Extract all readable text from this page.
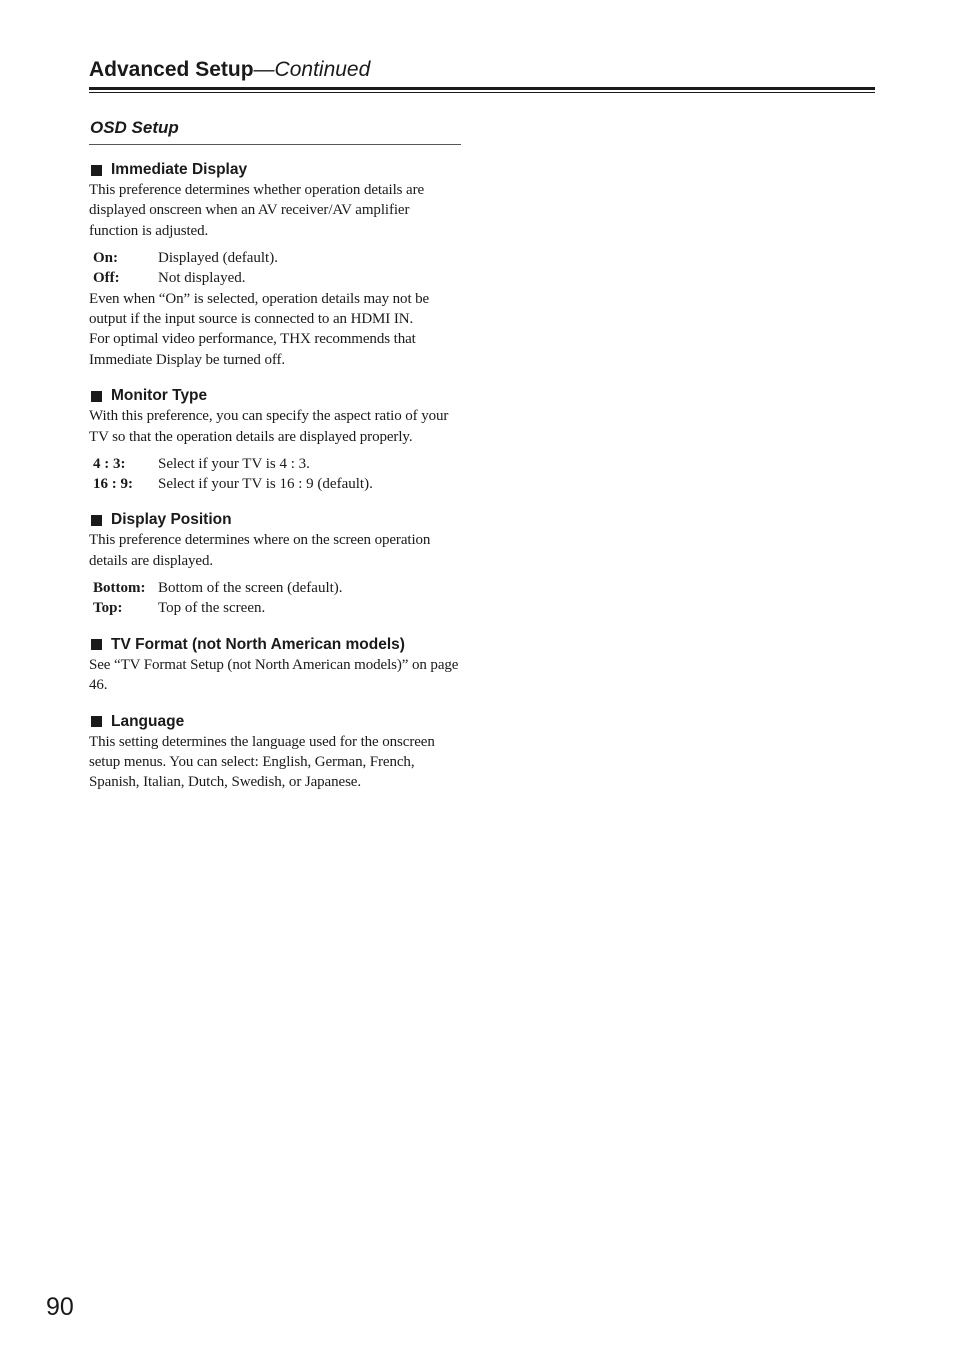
Advanced Setup—Continued
OSD Setup
Immediate Display

This preference determines whether operation details are displayed onscreen when an AV receiver/AV amplifier function is adjusted.

On:	Displayed (default).
Off:	Not displayed.

Even when “On” is selected, operation details may not be output if the input source is connected to an HDMI IN.

For optimal video performance, THX recommends that Immediate Display be turned off.

Monitor Type

With this preference, you can specify the aspect ratio of your TV so that the operation details are displayed properly.

4 : 3:	Select if your TV is 4 : 3.
16 : 9:	Select if your TV is 16 : 9 (default).
Display Position

This preference determines where on the screen operation details are displayed.

Bottom: Bottom of the screen (default).
Top:	Top of the screen.
TV Format (not North American models)

See “TV Format Setup (not North American models)” on page 46.

Language

This setting determines the language used for the onscreen setup menus. You can select: English, German, French, Spanish, Italian, Dutch, Swedish, or Japanese.

90
